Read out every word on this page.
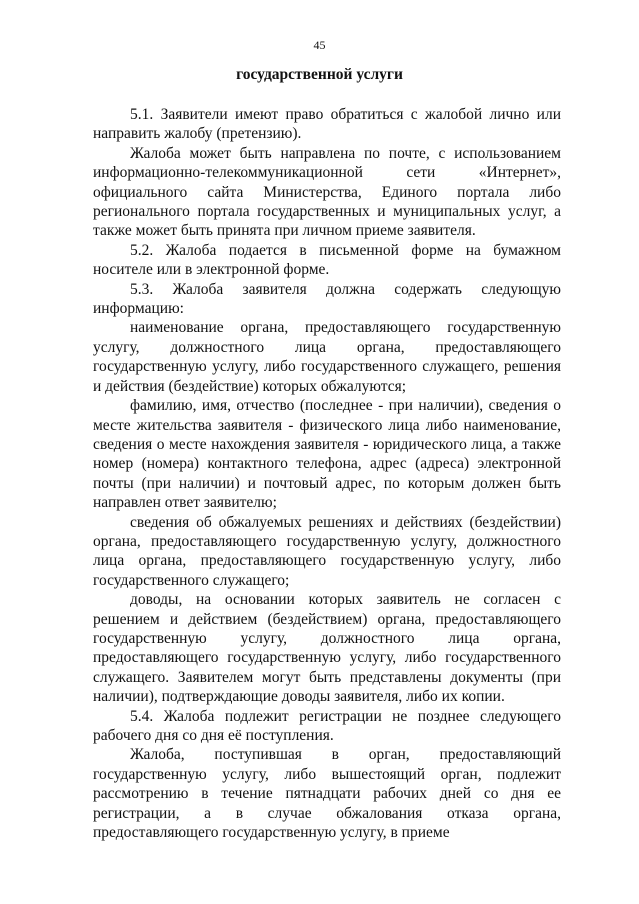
45
государственной услуги

5.1. Заявители имеют право обратиться с жалобой лично или направить жалобу (претензию).

Жалоба может быть направлена по почте, с использованием информационно-телекоммуникационной сети «Интернет», официального сайта Министерства, Единого портала либо регионального портала государственных и муниципальных услуг, а также может быть принята при личном приеме заявителя.

5.2. Жалоба подается в письменной форме на бумажном носителе или в электронной форме.

5.3. Жалоба заявителя должна содержать следующую информацию:

наименование органа, предоставляющего государственную услугу, должностного лица органа, предоставляющего государственную услугу, либо государственного служащего, решения и действия (бездействие) которых обжалуются;

фамилию, имя, отчество (последнее - при наличии), сведения о месте жительства заявителя - физического лица либо наименование, сведения о месте нахождения заявителя - юридического лица, а также номер (номера) контактного телефона, адрес (адреса) электронной почты (при наличии) и почтовый адрес, по которым должен быть направлен ответ заявителю;

сведения об обжалуемых решениях и действиях (бездействии) органа, предоставляющего государственную услугу, должностного лица органа, предоставляющего государственную услугу, либо государственного служащего;

доводы, на основании которых заявитель не согласен с решением и действием (бездействием) органа, предоставляющего государственную услугу, должностного лица органа, предоставляющего государственную услугу, либо государственного служащего. Заявителем могут быть представлены документы (при наличии), подтверждающие доводы заявителя, либо их копии.

5.4. Жалоба подлежит регистрации не позднее следующего рабочего дня со дня её поступления.

Жалоба, поступившая в орган, предоставляющий государственную услугу, либо вышестоящий орган, подлежит рассмотрению в течение пятнадцати рабочих дней со дня ее регистрации, а в случае обжалования отказа органа, предоставляющего государственную услугу, в приеме
